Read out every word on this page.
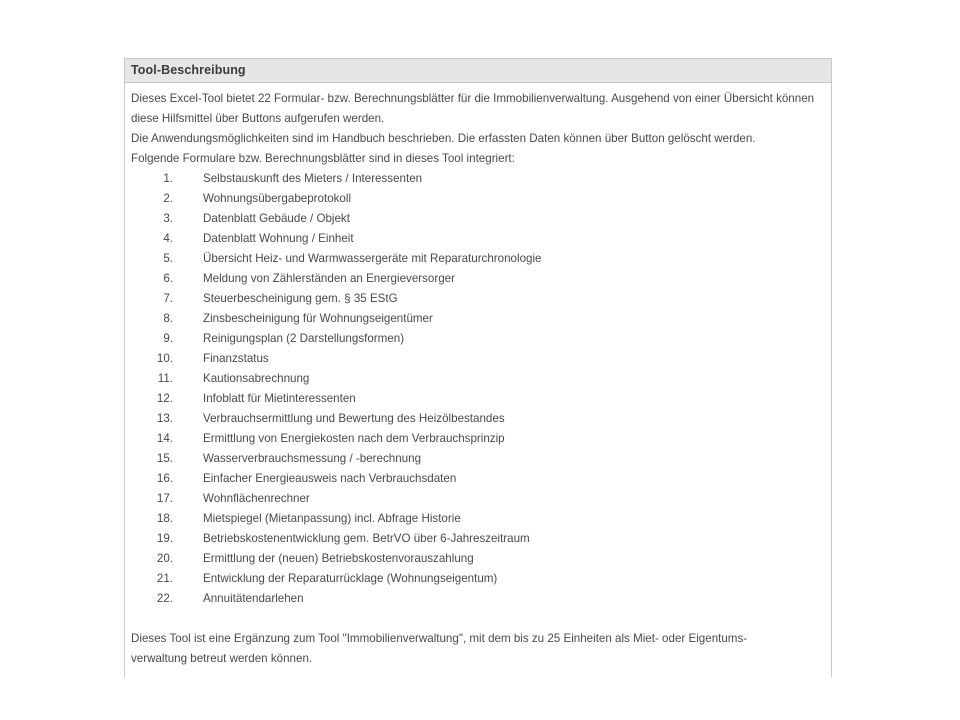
Tool-Beschreibung

Dieses Excel-Tool bietet 22 Formular- bzw. Berechnungsblätter für die Immobilienverwaltung. Ausgehend von einer Übersicht können diese Hilfsmittel über Buttons aufgerufen werden.

Die Anwendungsmöglichkeiten sind im Handbuch beschrieben. Die erfassten Daten können über Button gelöscht werden.

Folgende Formulare bzw. Berechnungsblätter sind in dieses Tool integriert:

1.	Selbstauskunft des Mieters / Interessenten
2.	Wohnungsübergabeprotokoll
3.	Datenblatt Gebäude / Objekt
4.	Datenblatt Wohnung / Einheit
5.	Übersicht Heiz- und Warmwassergeräte mit Reparaturchronologie
6.	Meldung von Zählerständen an Energieversorger
7.	Steuerbescheinigung gem. § 35 EStG
8.	Zinsbescheinigung für Wohnungseigentümer
9.	Reinigungsplan (2 Darstellungsformen)
10.	Finanzstatus
11.	Kautionsabrechnung
12.	Infoblatt für Mietinteressenten
13.	Verbrauchsermittlung und Bewertung des Heizölbestandes
14.	Ermittlung von Energiekosten nach dem Verbrauchsprinzip
15.	Wasserverbrauchsmessung / -berechnung
16.	Einfacher Energieausweis nach Verbrauchsdaten
17.	Wohnflächenrechner
18.	Mietspiegel (Mietanpassung) incl. Abfrage Historie
19.	Betriebskostenentwicklung gem. BetrVO über 6-Jahreszeitraum
20.	Ermittlung der (neuen) Betriebskostenvorauszahlung
21.	Entwicklung der Reparaturrücklage (Wohnungseigentum)
22.	Annuitätendarlehen
Dieses Tool ist eine Ergänzung zum Tool "Immobilienverwaltung", mit dem bis zu 25 Einheiten als Miet- oder Eigentums-
verwaltung betreut werden können.
